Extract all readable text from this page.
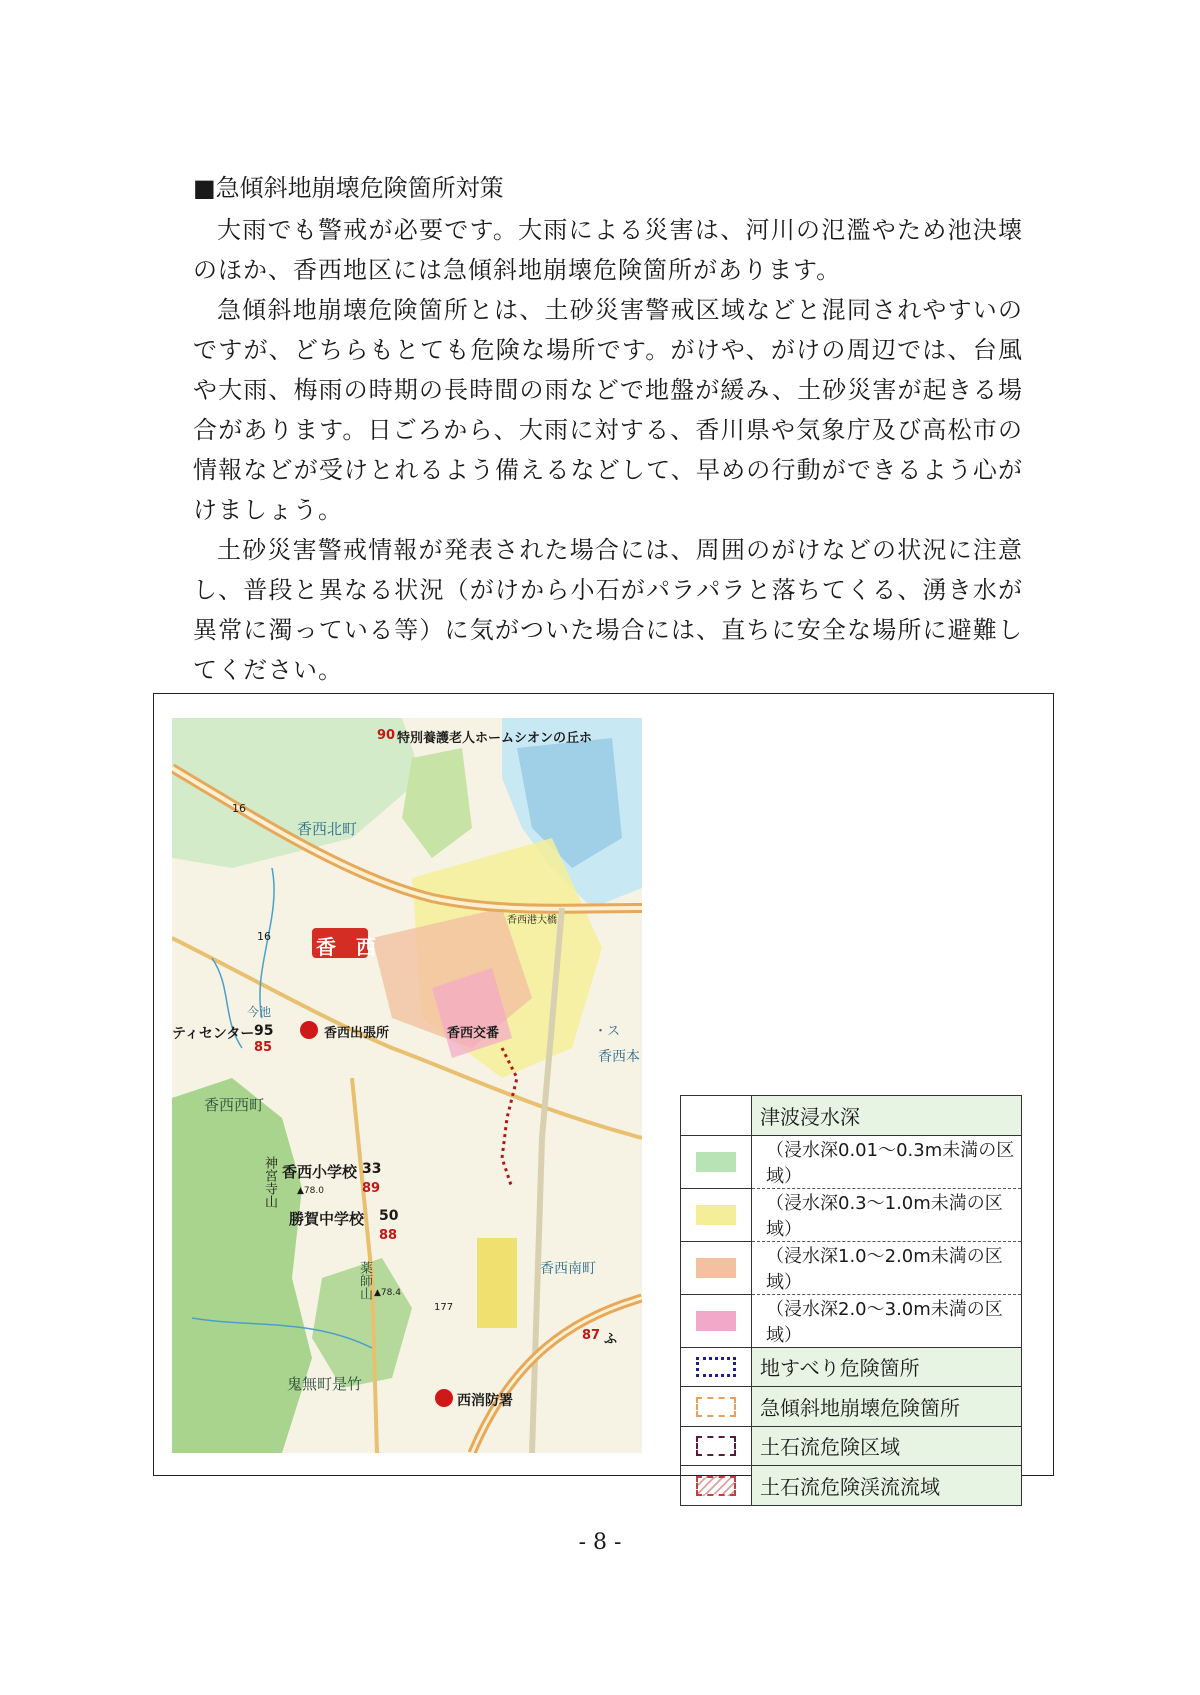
■急傾斜地崩壊危険箇所対策

大雨でも警戒が必要です。大雨による災害は、河川の氾濫やため池決壊のほか、香西地区には急傾斜地崩壊危険箇所があります。

急傾斜地崩壊危険箇所とは、土砂災害警戒区域などと混同されやすいのですが、どちらもとても危険な場所です。がけや、がけの周辺では、台風や大雨、梅雨の時期の長時間の雨などで地盤が緩み、土砂災害が起きる場合があります。日ごろから、大雨に対する、香川県や気象庁及び高松市の情報などが受けとれるよう備えるなどして、早めの行動ができるよう心がけましょう。

土砂災害警戒情報が発表された場合には、周囲のがけなどの状況に注意し、普段と異なる状況（がけから小石がパラパラと落ちてくる、湧き水が異常に濁っている等）に気がついた場合には、直ちに安全な場所に避難してください。

香　西
90 特別養護老人ホームシオンの丘ホ
16
香西北町
香西港大橋
16
今池
ティセンター 95
85
香西出張所	香西交番	・ス
香西本
香西西町
神宮寺山 香西小学校 33
89
▲78.0
勝賀中学校 50
88
薬師山 ▲78.4
177
香西南町
87 ふ
鬼無町是竹
西消防署
	津波浸水深
	（浸水深0.01～0.3m未満の区域）
	（浸水深0.3～1.0m未満の区域）
	（浸水深1.0～2.0m未満の区域）
	（浸水深2.0～3.0m未満の区域）
	地すべり危険箇所
	急傾斜地崩壊危険箇所
	土石流危険区域
	土石流危険渓流流域
- 8 -
